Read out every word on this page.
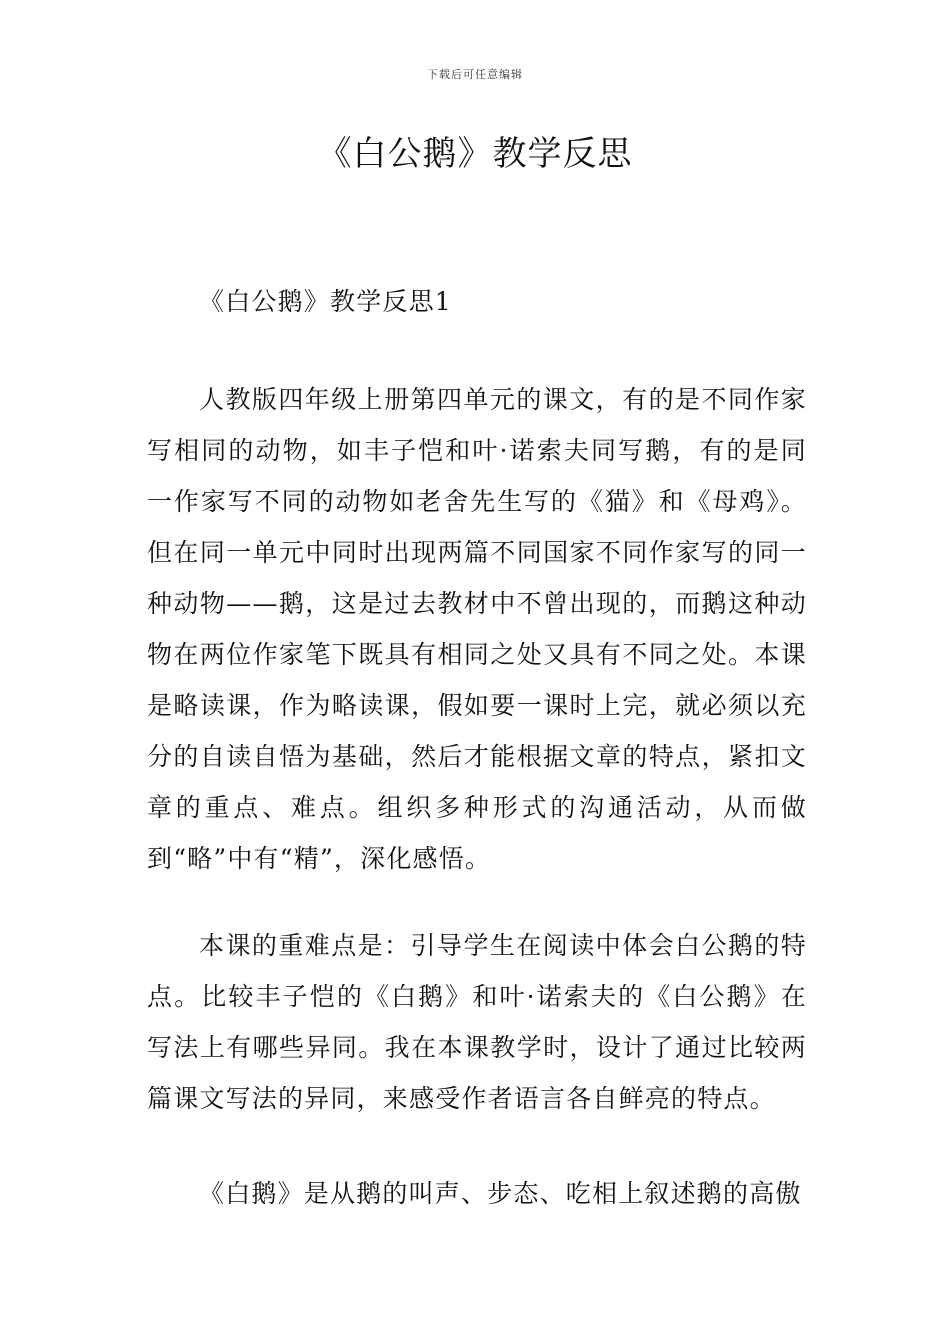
下载后可任意编辑
《白公鹅》教学反思

《白公鹅》教学反思1

人教版四年级上册第四单元的课文，有的是不同作家写相同的动物，如丰子恺和叶·诺索夫同写鹅，有的是同一作家写不同的动物如老舍先生写的《猫》和《母鸡》。但在同一单元中同时出现两篇不同国家不同作家写的同一种动物——鹅，这是过去教材中不曾出现的，而鹅这种动物在两位作家笔下既具有相同之处又具有不同之处。本课是略读课，作为略读课，假如要一课时上完，就必须以充分的自读自悟为基础，然后才能根据文章的特点，紧扣文章的重点、难点。组织多种形式的沟通活动，从而做到“略”中有“精”，深化感悟。

本课的重难点是：引导学生在阅读中体会白公鹅的特点。比较丰子恺的《白鹅》和叶·诺索夫的《白公鹅》在写法上有哪些异同。我在本课教学时，设计了通过比较两篇课文写法的异同，来感受作者语言各自鲜亮的特点。

《白鹅》是从鹅的叫声、步态、吃相上叙述鹅的高傲
